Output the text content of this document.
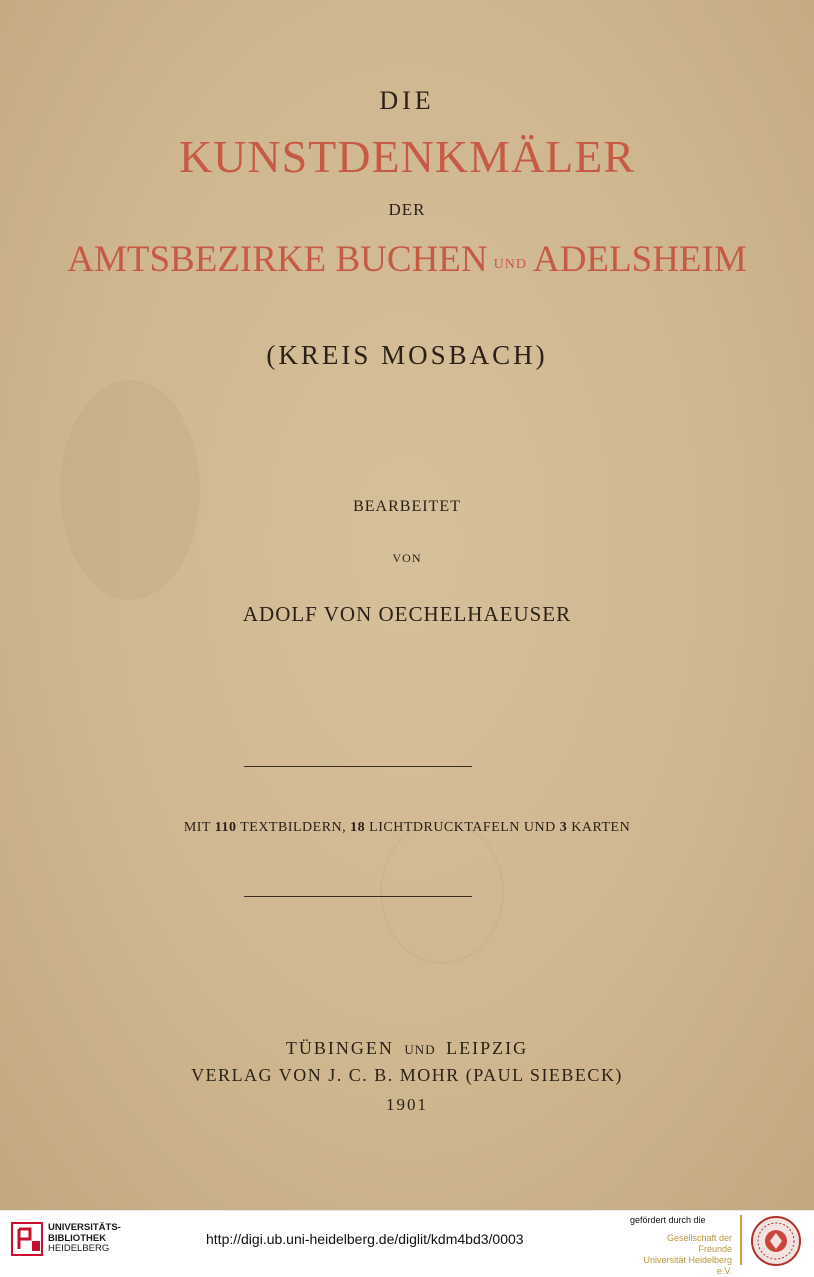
DIE
KUNSTDENKMÄLER
DER
AMTSBEZIRKE BUCHEN UND ADELSHEIM
(KREIS MOSBACH)
BEARBEITET
VON
ADOLF VON OECHELHAEUSER
MIT 110 TEXTBILDERN, 18 LICHTDRUCKTAFELN UND 3 KARTEN
TÜBINGEN UND LEIPZIG
VERLAG VON J. C. B. MOHR (PAUL SIEBECK)
1901
UNIVERSITÄTS-
BIBLIOTHEK
HEIDELBERG
http://digi.ub.uni-heidelberg.de/diglit/kdm4bd3/0003
gefördert durch die
Gesellschaft der Freunde
Universität Heidelberg e.V.
